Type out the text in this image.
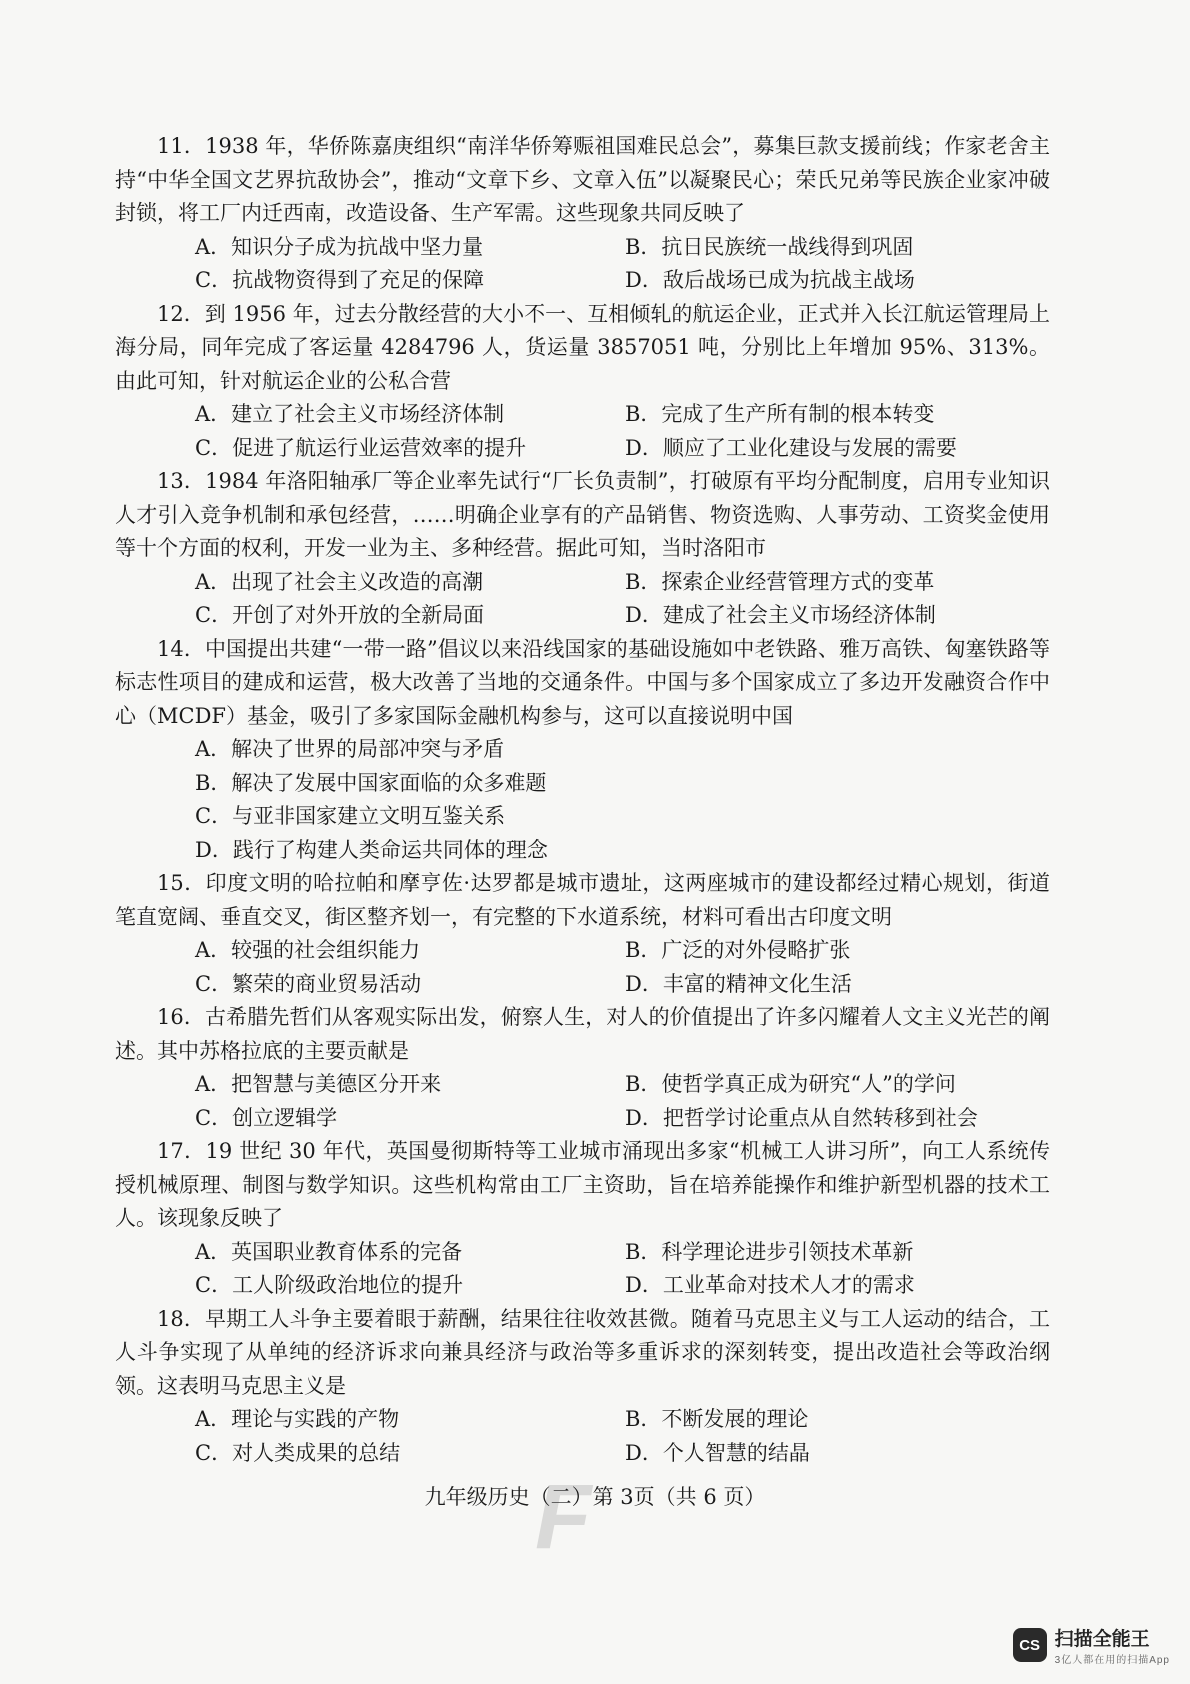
11．1938 年，华侨陈嘉庚组织“南洋华侨筹赈祖国难民总会”，募集巨款支援前线；作家老舍主持“中华全国文艺界抗敌协会”，推动“文章下乡、文章入伍”以凝聚民心；荣氏兄弟等民族企业家冲破封锁，将工厂内迁西南，改造设备、生产军需。这些现象共同反映了
A．知识分子成为抗战中坚力量	B．抗日民族统一战线得到巩固
C．抗战物资得到了充足的保障	D．敌后战场已成为抗战主战场
12．到 1956 年，过去分散经营的大小不一、互相倾轧的航运企业，正式并入长江航运管理局上海分局，同年完成了客运量 4284796 人，货运量 3857051 吨，分别比上年增加 95%、313%。由此可知，针对航运企业的公私合营
A．建立了社会主义市场经济体制	B．完成了生产所有制的根本转变
C．促进了航运行业运营效率的提升	D．顺应了工业化建设与发展的需要
13．1984 年洛阳轴承厂等企业率先试行“厂长负责制”，打破原有平均分配制度，启用专业知识人才引入竞争机制和承包经营，……明确企业享有的产品销售、物资选购、人事劳动、工资奖金使用等十个方面的权利，开发一业为主、多种经营。据此可知，当时洛阳市
A．出现了社会主义改造的高潮	B．探索企业经营管理方式的变革
C．开创了对外开放的全新局面	D．建成了社会主义市场经济体制
14．中国提出共建“一带一路”倡议以来沿线国家的基础设施如中老铁路、雅万高铁、匈塞铁路等标志性项目的建成和运营，极大改善了当地的交通条件。中国与多个国家成立了多边开发融资合作中心（MCDF）基金，吸引了多家国际金融机构参与，这可以直接说明中国
A．解决了世界的局部冲突与矛盾
B．解决了发展中国家面临的众多难题
C．与亚非国家建立文明互鉴关系
D．践行了构建人类命运共同体的理念
15．印度文明的哈拉帕和摩亨佐·达罗都是城市遗址，这两座城市的建设都经过精心规划，街道笔直宽阔、垂直交叉，街区整齐划一，有完整的下水道系统，材料可看出古印度文明
A．较强的社会组织能力	B．广泛的对外侵略扩张
C．繁荣的商业贸易活动	D．丰富的精神文化生活
16．古希腊先哲们从客观实际出发，俯察人生，对人的价值提出了许多闪耀着人文主义光芒的阐述。其中苏格拉底的主要贡献是
A．把智慧与美德区分开来	B．使哲学真正成为研究“人”的学问
C．创立逻辑学	D．把哲学讨论重点从自然转移到社会
17．19 世纪 30 年代，英国曼彻斯特等工业城市涌现出多家“机械工人讲习所”，向工人系统传授机械原理、制图与数学知识。这些机构常由工厂主资助，旨在培养能操作和维护新型机器的技术工人。该现象反映了
A．英国职业教育体系的完备	B．科学理论进步引领技术革新
C．工人阶级政治地位的提升	D．工业革命对技术人才的需求
18．早期工人斗争主要着眼于薪酬，结果往往收效甚微。随着马克思主义与工人运动的结合，工人斗争实现了从单纯的经济诉求向兼具经济与政治等多重诉求的深刻转变，提出改造社会等政治纲领。这表明马克思主义是
A．理论与实践的产物	B．不断发展的理论
C．对人类成果的总结	D．个人智慧的结晶
F
九年级历史（二）第 3页（共 6 页）
CS 扫描全能王
3亿人都在用的扫描App
